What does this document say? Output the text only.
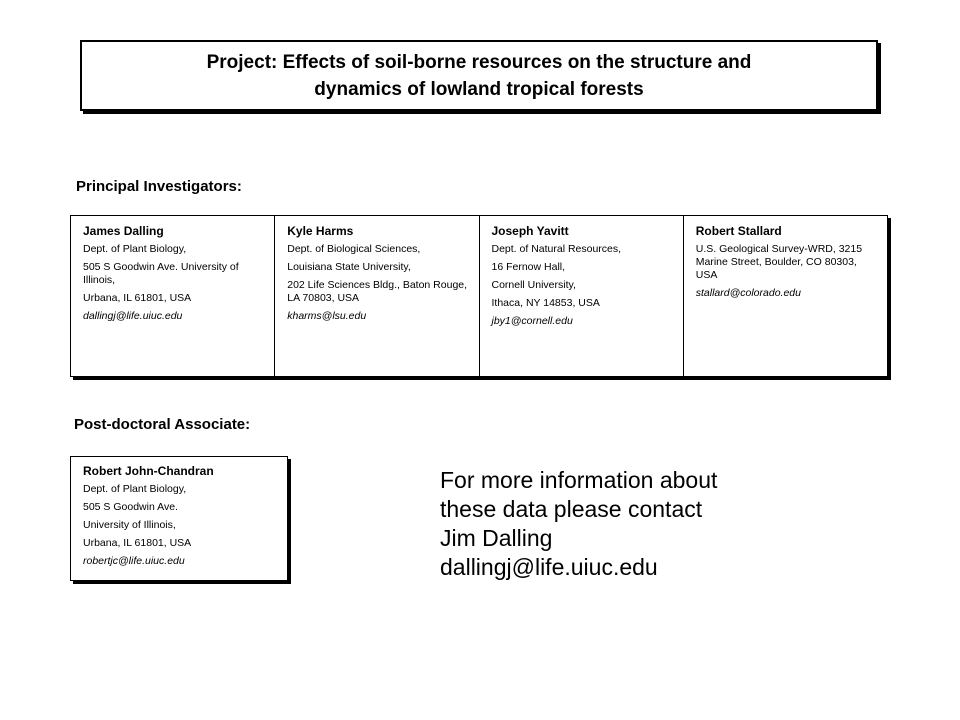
Project: Effects of soil-borne resources on the structure and
dynamics of lowland tropical forests
Principal Investigators:
James Dalling
Dept. of Plant Biology,
505 S Goodwin Ave. University of Illinois,
Urbana, IL 61801, USA
dallingj@life.uiuc.edu
Kyle Harms
Dept. of Biological Sciences,
Louisiana State University,
202 Life Sciences Bldg., Baton Rouge, LA 70803, USA
kharms@lsu.edu
Joseph Yavitt
Dept. of Natural Resources,
16 Fernow Hall,
Cornell University,
Ithaca, NY 14853, USA
jby1@cornell.edu
Robert Stallard
U.S. Geological Survey-WRD, 3215 Marine Street, Boulder, CO 80303, USA
stallard@colorado.edu
Post-doctoral Associate:
Robert John-Chandran
Dept. of Plant Biology,
505 S Goodwin Ave.
University of Illinois,
Urbana, IL 61801, USA
robertjc@life.uiuc.edu
For more information about
these data please contact
Jim Dalling
dallingj@life.uiuc.edu
